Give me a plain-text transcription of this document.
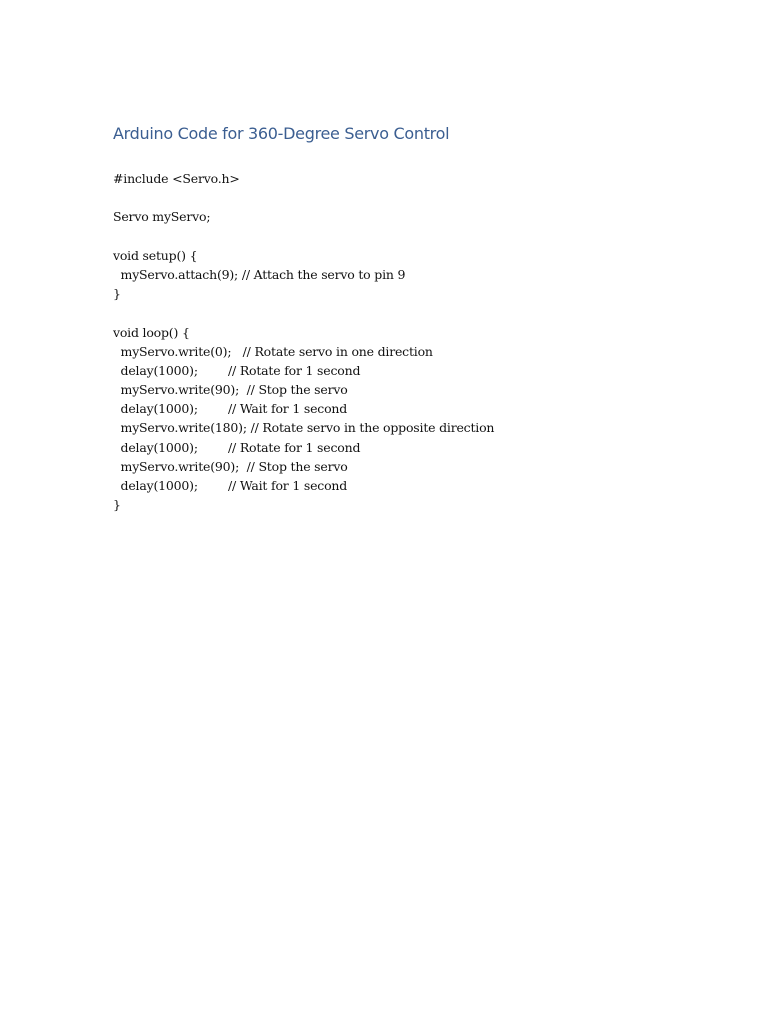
Arduino Code for 360-Degree Servo Control
#include <Servo.h>
Servo myServo;
void setup() {
myServo.attach(9); // Attach the servo to pin 9
}
void loop() {
myServo.write(0);   // Rotate servo in one direction
delay(1000);        // Rotate for 1 second
myServo.write(90);  // Stop the servo
delay(1000);        // Wait for 1 second
myServo.write(180); // Rotate servo in the opposite direction
delay(1000);        // Rotate for 1 second
myServo.write(90);  // Stop the servo
delay(1000);        // Wait for 1 second
}
